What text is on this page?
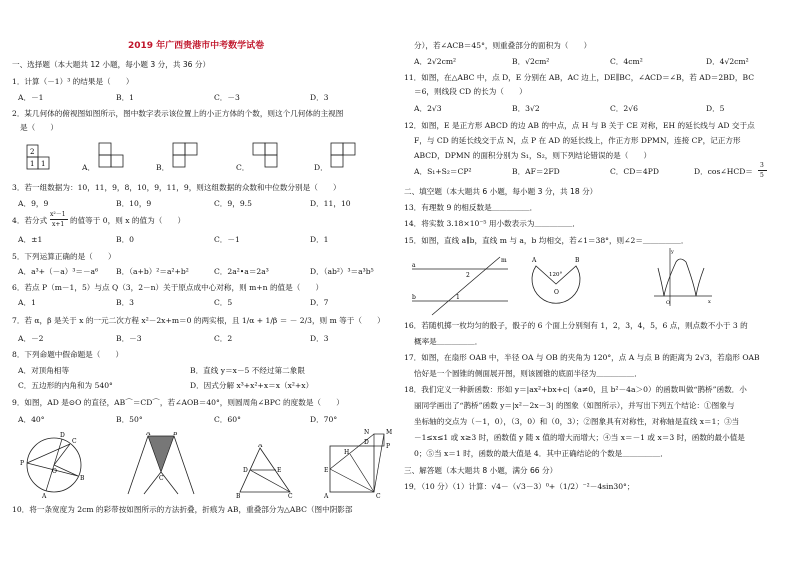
2019 年广西贵港市中考数学试卷
一、选择题（本大题共 12 小题，每小题 3 分，共 36 分）
1．计算（－1）³ 的结果是（　　）
A．－1	B．1	C．－3	D．3
2．某几何体的俯视图如图所示，图中数字表示该位置上的小正方体的个数，则这个几何体的主视图
是（　　）
2
1 1	A．	B．	C．	D．
3．若一组数据为：10，11，9，8，10，9，11，9，则这组数据的众数和中位数分别是（　　）
A．9，9	B．10，9	C．9，9.5	D．11，10
4．若分式
x²－1
x+1 的值等于 0，则 x 的值为（　　）
A．±1	B．0	C．－1	D．1
5．下列运算正确的是（　　）
A．a³+（－a）³＝－a⁶ B．（a+b）²＝a²+b²	C．2a²•a＝2a³	D．（ab²）³＝a³b⁵
6．若点 P（m－1，5）与点 Q（3，2－n）关于原点成中心对称，则 m+n 的值是（　　）
A．1	B．3	C．5	D．7
7．若 α，β 是关于 x 的一元二次方程 x²－2x+m＝0 的两实根，且 1/α + 1/β ＝ － 2/3，则 m 等于（　　）
A．－2	B．－3	C．2	D．3
8．下列命题中假命题是（　　）
A．对顶角相等	B．直线 y＝x－5 不经过第二象限
C．五边形的内角和为 540°	D．因式分解 x³+x²+x＝x（x²+x）
9．如图，AD 是⊙O 的直径，AB⌒＝CD⌒，若∠AOB＝40°，则圆周角∠BPC 的度数是（　　）
A．40°	B．50°	C．60°	D．70°
D
C
P
O
B
A
A	B
C
A
D	E
B	C
N	M
D
P
E
H
A	C
10．将一条宽度为 2cm 的彩带按如图所示的方法折叠，折痕为 AB，重叠部分为△ABC（图中阴影部
分），若∠ACB＝45°，则重叠部分的面积为（　　）
A．2√2cm²	B．√2cm²	C．4cm²	D．4√2cm²
11．如图，在△ABC 中，点 D，E 分别在 AB，AC 边上，DE∥BC，∠ACD＝∠B，若 AD＝2BD，BC
＝6，则线段 CD 的长为（　　）
A．2√3	B．3√2	C．2√6	D．5
12．如图，E 是正方形 ABCD 的边 AB 的中点，点 H 与 B 关于 CE 对称，EH 的延长线与 AD 交于点
F，与 CD 的延长线交于点 N，点 P 在 AD 的延长线上，作正方形 DPMN，连接 CP，记正方形
ABCD，DPMN 的面积分别为 S₁，S₂，则下列结论错误的是（　　）
A．S₁+S₂＝CP²	B．AF＝2FD	C．CD＝4PD	D．cos∠HCD＝
3
5
二、填空题（本大题共 6 小题，每小题 3 分，共 18 分）
13．有理数 9 的相反数是＿＿＿＿＿．
14．将实数 3.18×10⁻⁵ 用小数表示为＿＿＿＿＿．
15．如图，直线 a∥b，直线 m 与 a，b 均相交，若∠1＝38°，则∠2＝＿＿＿＿＿．
a
b
m
2
1
A	B
120°
O
O	x
y
16．若随机掷一枚均匀的骰子，骰子的 6 个面上分别刻有 1，2，3，4，5，6 点，则点数不小于 3 的
概率是＿＿＿＿＿．
17．如图，在扇形 OAB 中，半径 OA 与 OB 的夹角为 120°，点 A 与点 B 的距离为 2√3，若扇形 OAB
恰好是一个圆锥的侧面展开图，则该圆锥的底面半径为＿＿＿＿＿．
18．我们定义一种新函数：形如 y＝|ax²+bx+c|（a≠0，且 b²－4a＞0）的函数叫做“鹊桥”函数．小
丽同学画出了“鹊桥”函数 y＝|x²－2x－3| 的图象（如图所示），并写出下列五个结论：①图象与
坐标轴的交点为（－1，0），（3，0）和（0，3）；②图象具有对称性，对称轴是直线 x＝1；③当
－1≤x≤1 或 x≥3 时，函数值 y 随 x 值的增大而增大；④当 x＝－1 或 x＝3 时，函数的最小值是
0；⑤当 x＝1 时，函数的最大值是 4．其中正确结论的个数是＿＿＿＿＿．
三、解答题（本大题共 8 小题，满分 66 分）
19．（10 分）（1）计算：√4－（√3－3）⁰+（1/2）⁻²－4sin30°；
